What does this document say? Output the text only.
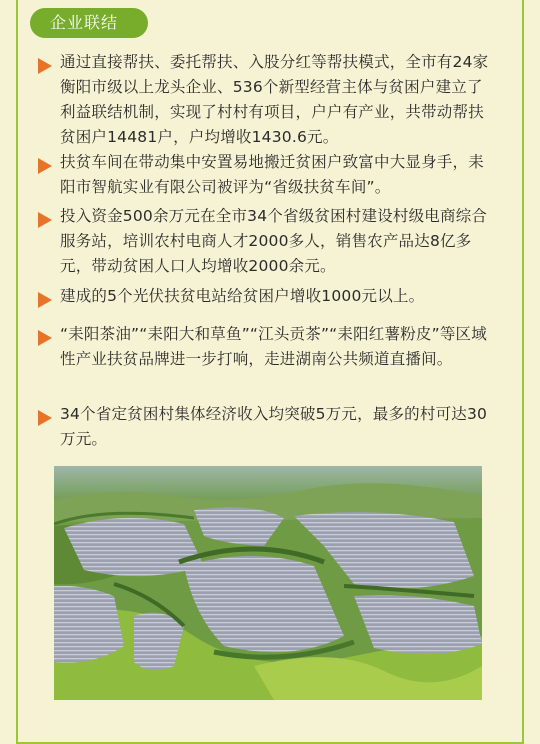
企业联结
通过直接帮扶、委托帮扶、入股分红等帮扶模式，全市有24家衡阳市级以上龙头企业、536个新型经营主体与贫困户建立了利益联结机制，实现了村村有项目，户户有产业，共带动帮扶贫困户14481户，户均增收1430.6元。
扶贫车间在带动集中安置易地搬迁贫困户致富中大显身手，耒阳市智航实业有限公司被评为“省级扶贫车间”。
投入资金500余万元在全市34个省级贫困村建设村级电商综合服务站，培训农村电商人才2000多人，销售农产品达8亿多元，带动贫困人口人均增收2000余元。
建成的5个光伏扶贫电站给贫困户增收1000元以上。
“耒阳茶油”“耒阳大和草鱼”“江头贡茶”“耒阳红薯粉皮”等区域性产业扶贫品牌进一步打响，走进湖南公共频道直播间。
34个省定贫困村集体经济收入均突破5万元，最多的村可达30万元。
